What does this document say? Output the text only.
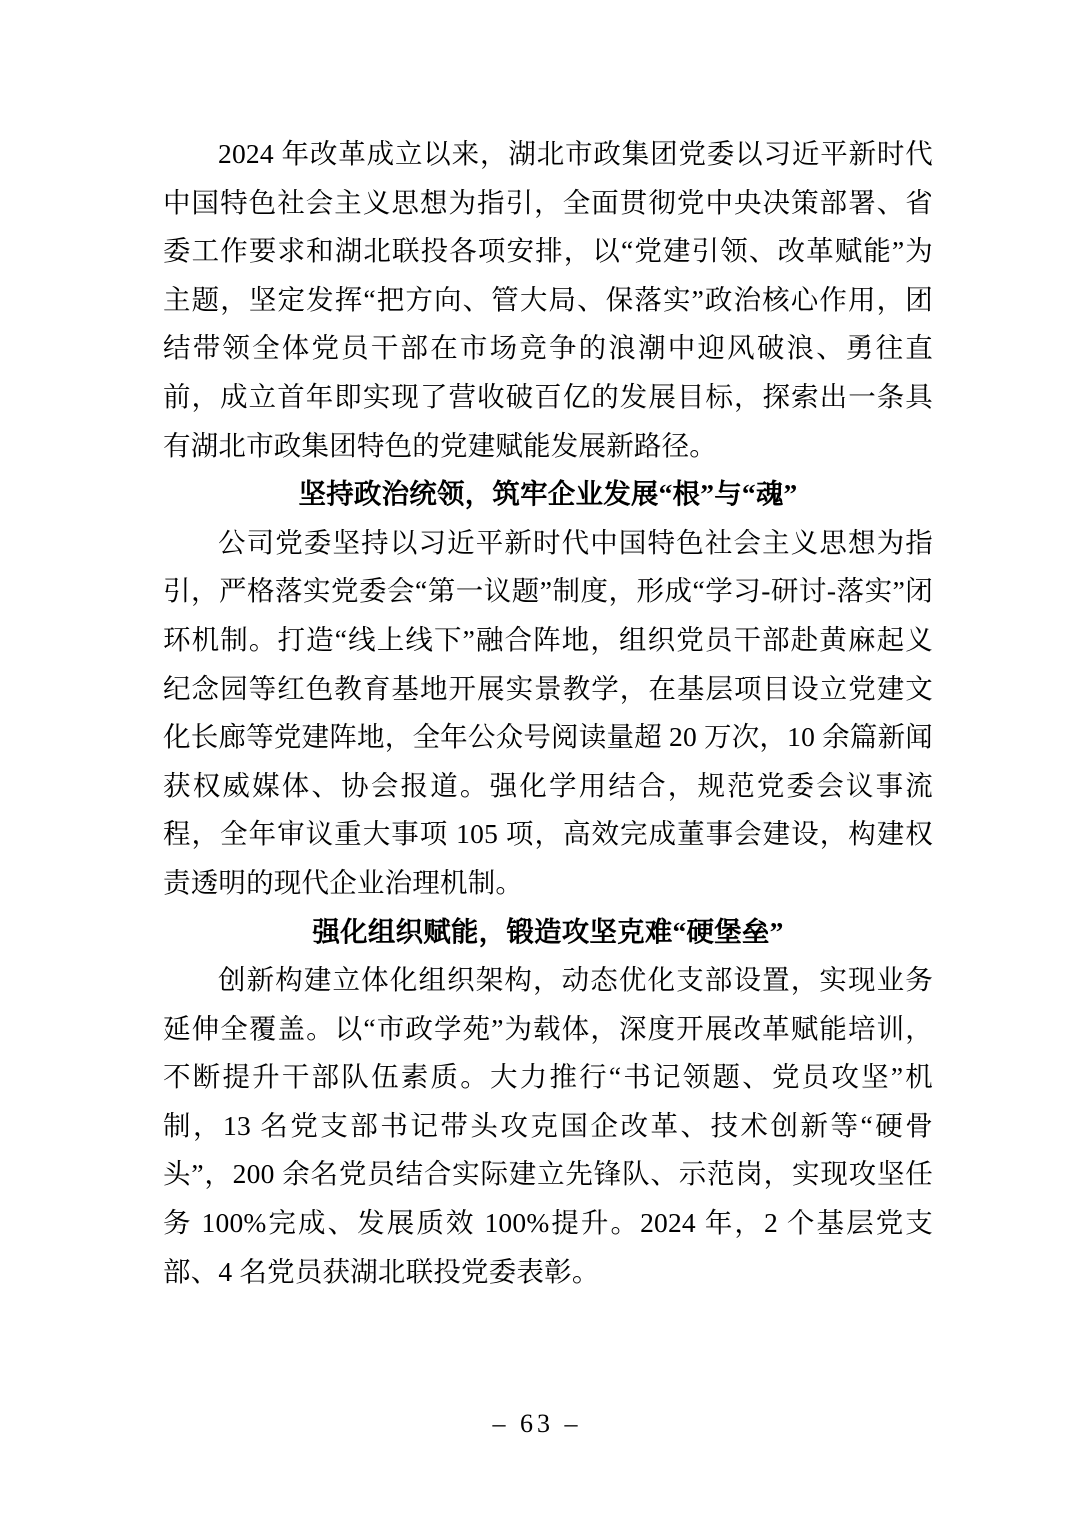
2024 年改革成立以来，湖北市政集团党委以习近平新时代中国特色社会主义思想为指引，全面贯彻党中央决策部署、省委工作要求和湖北联投各项安排，以“党建引领、改革赋能”为主题，坚定发挥“把方向、管大局、保落实”政治核心作用，团结带领全体党员干部在市场竞争的浪潮中迎风破浪、勇往直前，成立首年即实现了营收破百亿的发展目标，探索出一条具有湖北市政集团特色的党建赋能发展新路径。

坚持政治统领，筑牢企业发展“根”与“魂”

公司党委坚持以习近平新时代中国特色社会主义思想为指引，严格落实党委会“第一议题”制度，形成“学习-研讨-落实”闭环机制。打造“线上线下”融合阵地，组织党员干部赴黄麻起义纪念园等红色教育基地开展实景教学，在基层项目设立党建文化长廊等党建阵地，全年公众号阅读量超 20 万次，10 余篇新闻获权威媒体、协会报道。强化学用结合，规范党委会议事流程，全年审议重大事项 105 项，高效完成董事会建设，构建权责透明的现代企业治理机制。

强化组织赋能，锻造攻坚克难“硬堡垒”

创新构建立体化组织架构，动态优化支部设置，实现业务延伸全覆盖。以“市政学苑”为载体，深度开展改革赋能培训，不断提升干部队伍素质。大力推行“书记领题、党员攻坚”机制，13 名党支部书记带头攻克国企改革、技术创新等“硬骨头”，200 余名党员结合实际建立先锋队、示范岗，实现攻坚任务 100%完成、发展质效 100%提升。2024 年，2 个基层党支部、4 名党员获湖北联投党委表彰。

– 63 –
